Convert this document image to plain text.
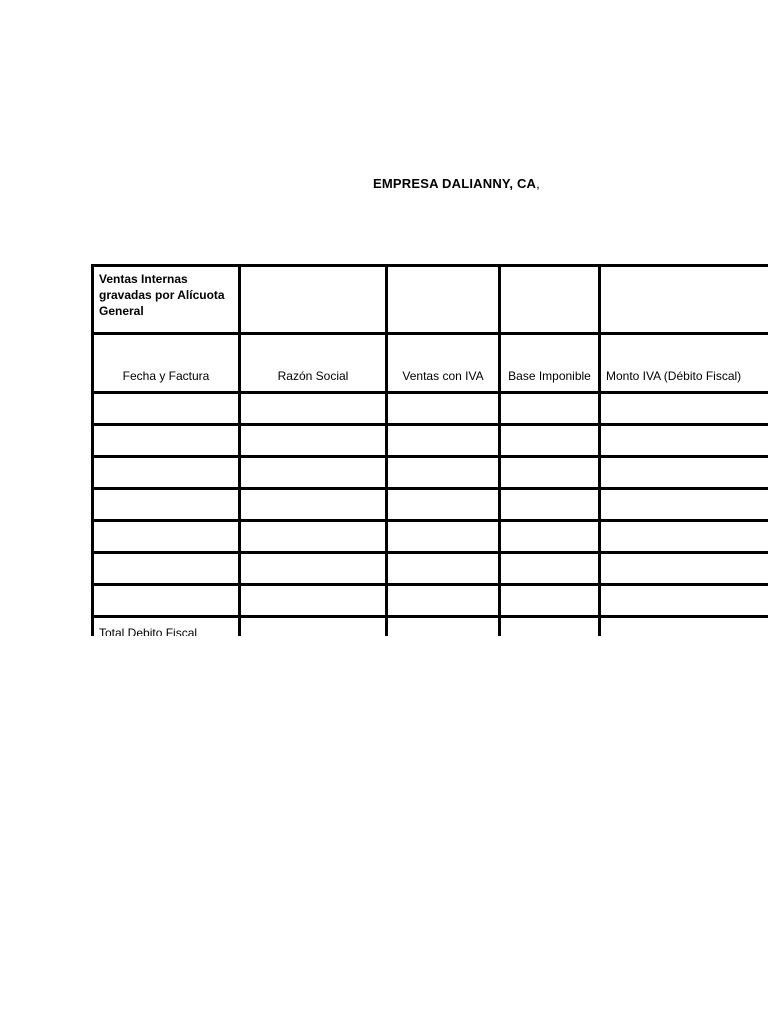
EMPRESA DALIANNY, CA,
Ventas Internas gravadas por Alícuota General				
Fecha y Factura	Razón Social	Ventas con IVA	Base Imponible	Monto IVA (Débito Fiscal)

Total Debito Fiscal				
